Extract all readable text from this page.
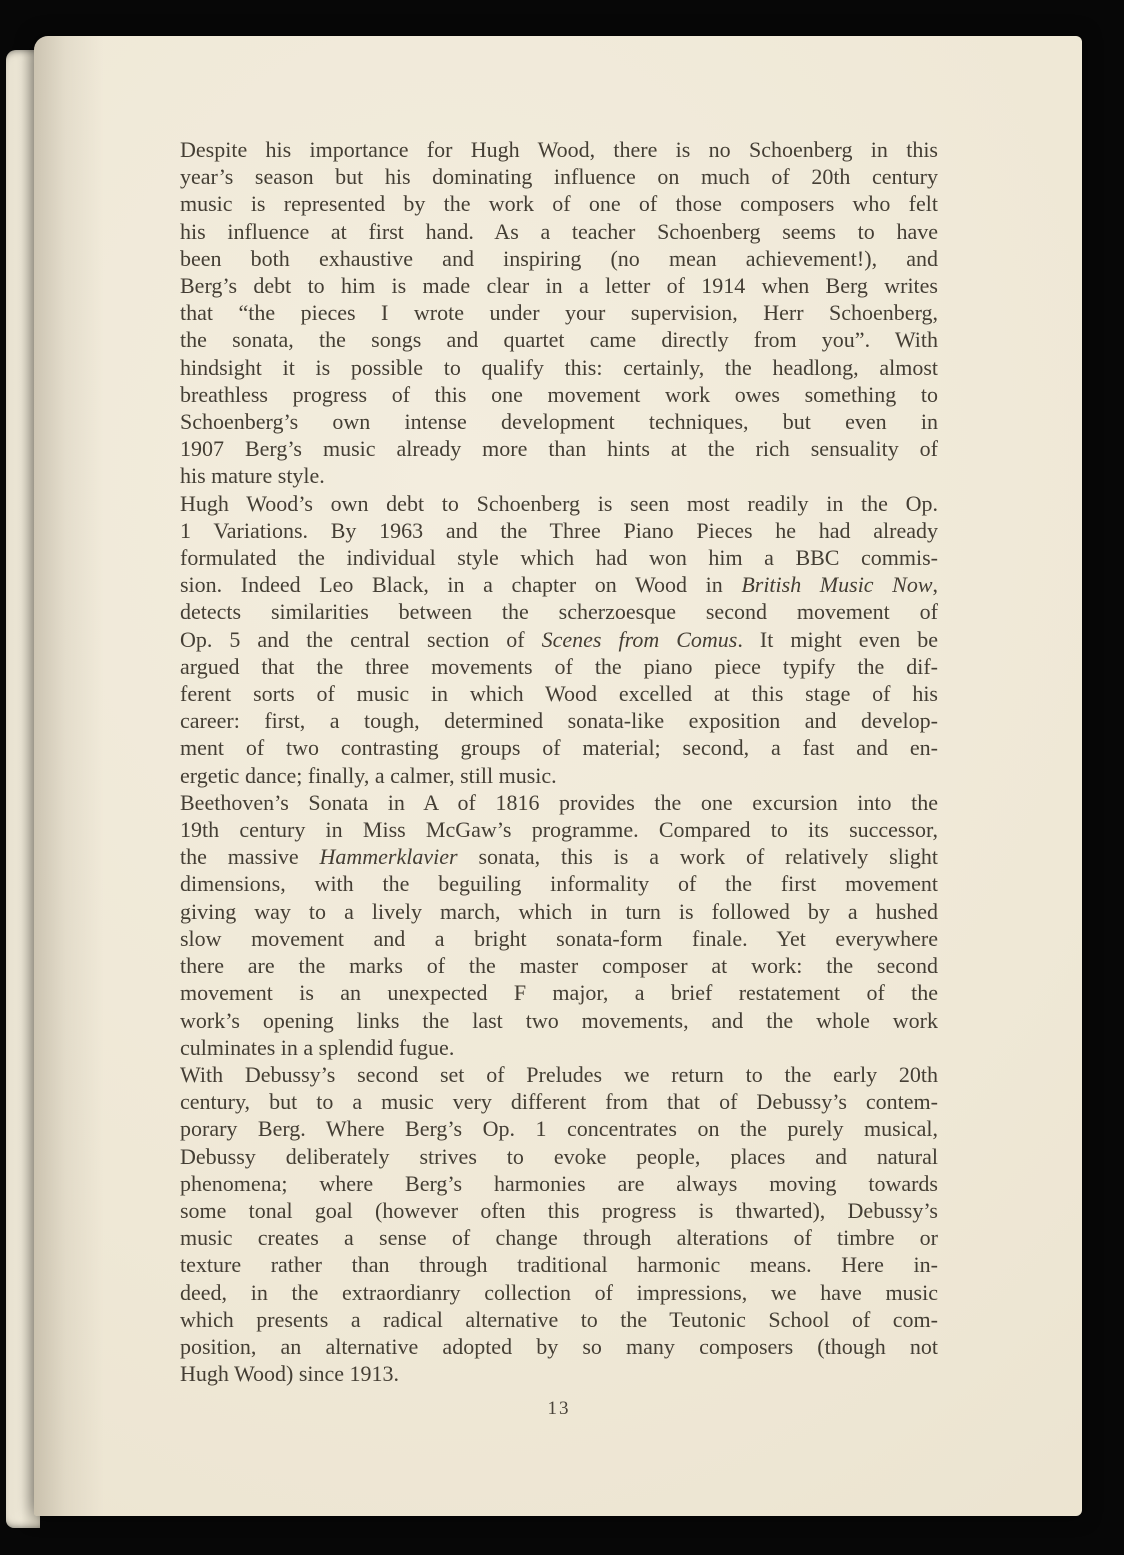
Despite his importance for Hugh Wood, there is no Schoenberg in this
year’s season but his dominating influence on much of 20th century
music is represented by the work of one of those composers who felt
his influence at first hand. As a teacher Schoenberg seems to have
been both exhaustive and inspiring (no mean achievement!), and
Berg’s debt to him is made clear in a letter of 1914 when Berg writes
that “the pieces I wrote under your supervision, Herr Schoenberg,
the sonata, the songs and quartet came directly from you”. With
hindsight it is possible to qualify this: certainly, the headlong, almost
breathless progress of this one movement work owes something to
Schoenberg’s own intense development techniques, but even in
1907 Berg’s music already more than hints at the rich sensuality of
his mature style.
Hugh Wood’s own debt to Schoenberg is seen most readily in the Op.
1 Variations. By 1963 and the Three Piano Pieces he had already
formulated the individual style which had won him a BBC commis-
sion. Indeed Leo Black, in a chapter on Wood in British Music Now,
detects similarities between the scherzoesque second movement of
Op. 5 and the central section of Scenes from Comus. It might even be
argued that the three movements of the piano piece typify the dif-
ferent sorts of music in which Wood excelled at this stage of his
career: first, a tough, determined sonata-like exposition and develop-
ment of two contrasting groups of material; second, a fast and en-
ergetic dance; finally, a calmer, still music.
Beethoven’s Sonata in A of 1816 provides the one excursion into the
19th century in Miss McGaw’s programme. Compared to its successor,
the massive Hammerklavier sonata, this is a work of relatively slight
dimensions, with the beguiling informality of the first movement
giving way to a lively march, which in turn is followed by a hushed
slow movement and a bright sonata-form finale. Yet everywhere
there are the marks of the master composer at work: the second
movement is an unexpected F major, a brief restatement of the
work’s opening links the last two movements, and the whole work
culminates in a splendid fugue.
With Debussy’s second set of Preludes we return to the early 20th
century, but to a music very different from that of Debussy’s contem-
porary Berg. Where Berg’s Op. 1 concentrates on the purely musical,
Debussy deliberately strives to evoke people, places and natural
phenomena; where Berg’s harmonies are always moving towards
some tonal goal (however often this progress is thwarted), Debussy’s
music creates a sense of change through alterations of timbre or
texture rather than through traditional harmonic means. Here in-
deed, in the extraordianry collection of impressions, we have music
which presents a radical alternative to the Teutonic School of com-
position, an alternative adopted by so many composers (though not
Hugh Wood) since 1913.
13
